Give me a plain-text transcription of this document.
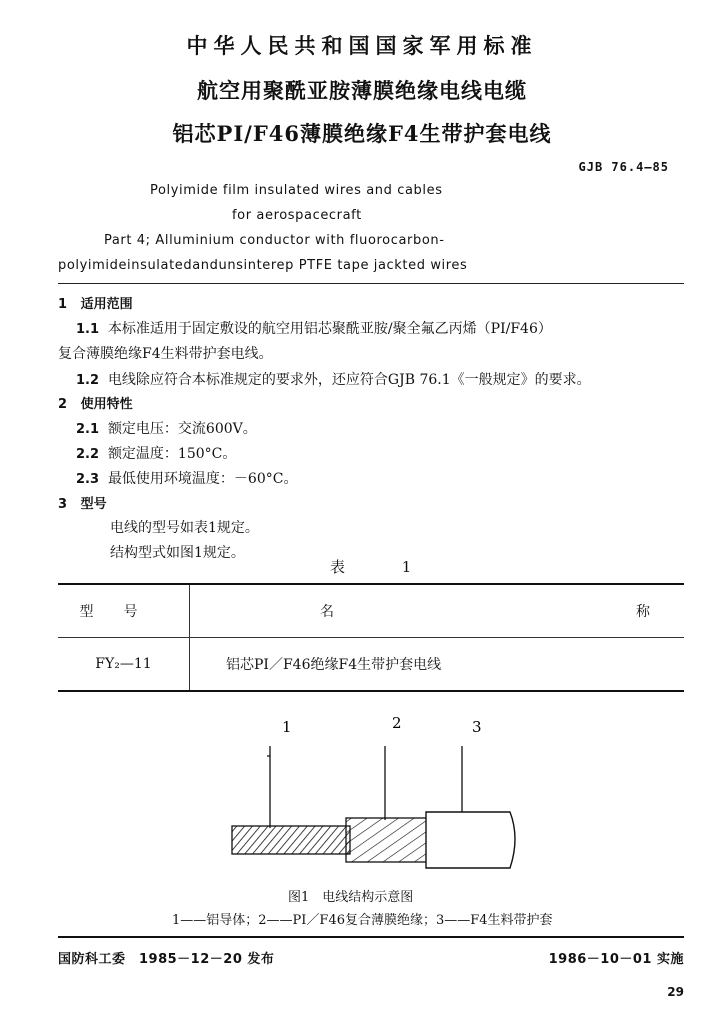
中华人民共和国国家军用标准
航空用聚酰亚胺薄膜绝缘电线电缆
铝芯PI/F46薄膜绝缘F4生带护套电线
GJB 76.4—85
Polyimide film insulated wires and cables
for aerospacecraft
Part 4; Alluminium conductor with fluorocarbon-
polyimideinsulatedandunsinterep PTFE tape jackted wires
1 适用范围
1.1 本标准适用于固定敷设的航空用铝芯聚酰亚胺/聚全氟乙丙烯（PI/F46）
复合薄膜绝缘F4生料带护套电线。
1.2 电线除应符合本标准规定的要求外，还应符合GJB 76.1《一般规定》的要求。
2 使用特性
2.1 额定电压：交流600V。
2.2 额定温度：150°C。
2.3 最低使用环境温度：－60°C。
3 型号
电线的型号如表1规定。
结构型式如图1规定。
表 1
型号	名 称

FY₂—11	铝芯PI／F46绝缘F4生带护套电线
1	2	3
图1　电线结构示意图
1——铝导体；2——PI／F46复合薄膜绝缘；3——F4生料带护套
国防科工委　1985－12－20 发布	1986－10－01 实施
29
